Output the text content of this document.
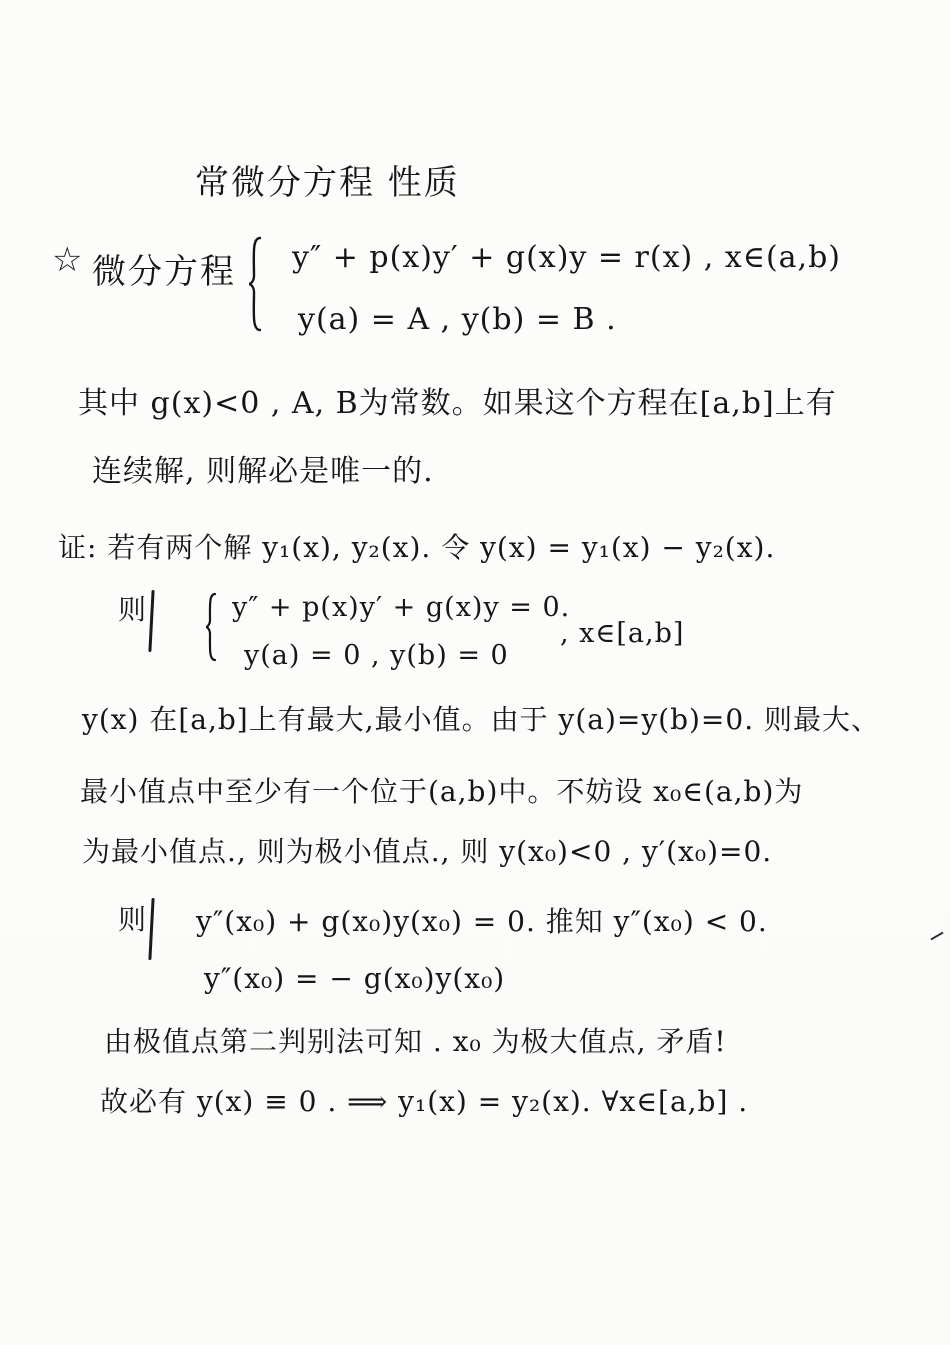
常微分方程 性质
☆ 微分方程 y″ + p(x)y′ + g(x)y = r(x) , x∈(a,b)
y(a) = A , y(b) = B .
其中 g(x)<0 , A, B为常数。如果这个方程在[a,b]上有
连续解, 则解必是唯一的.
证: 若有两个解 y₁(x), y₂(x). 令 y(x) = y₁(x) − y₂(x).
则	y″ + p(x)y′ + g(x)y = 0.
y(a) = 0 , y(b) = 0
, x∈[a,b]
y(x) 在[a,b]上有最大,最小值。由于 y(a)=y(b)=0. 则最大、
最小值点中至少有一个位于(a,b)中。不妨设 x₀∈(a,b)为
为最小值点., 则为极小值点., 则 y(x₀)<0 , y′(x₀)=0.
则 y″(x₀) + g(x₀)y(x₀) = 0. 推知 y″(x₀) < 0.
y″(x₀) = − g(x₀)y(x₀)
由极值点第二判别法可知 . x₀ 为极大值点, 矛盾!
故必有 y(x) ≡ 0 . ⟹ y₁(x) = y₂(x). ∀x∈[a,b] .
